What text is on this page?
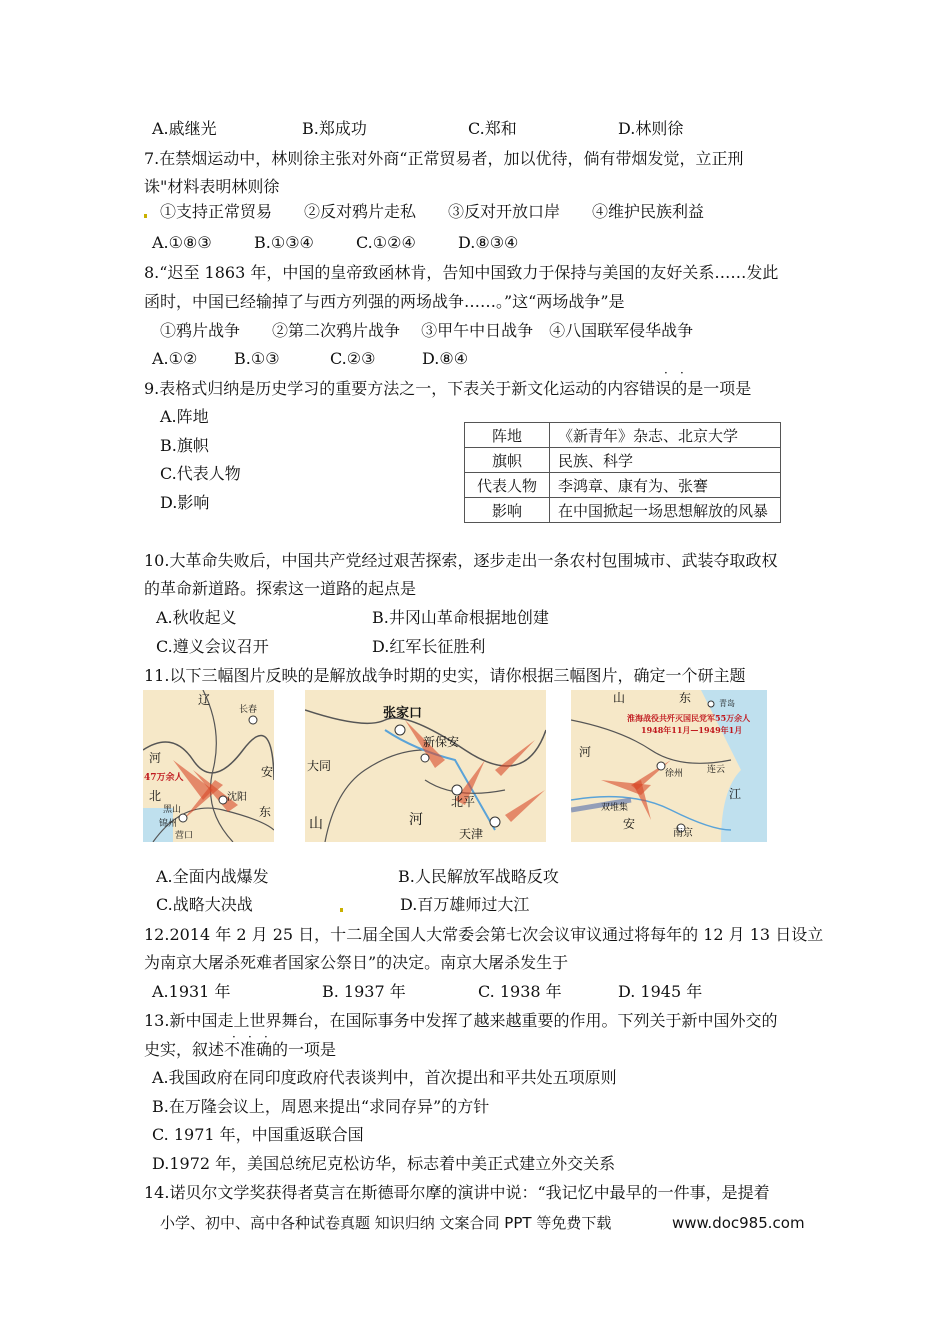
A.戚继光	B.郑成功	C.郑和	D.林则徐
7.在禁烟运动中，林则徐主张对外商“正常贸易者，加以优待，倘有带烟发觉，立正刑
诛"材料表明林则徐
①支持正常贸易　　②反对鸦片走私　　③反对开放口岸　　④维护民族利益
A.①⑧③	B.①③④	C.①②④	D.⑧③④
8.“迟至 1863 年，中国的皇帝致函林肯，告知中国致力于保持与美国的友好关系……发此
函时，中国已经输掉了与西方列强的两场战争……。”这“两场战争”是
①鸦片战争　　②第二次鸦片战争　 ③甲午中日战争　④八国联军侵华战争
A.①② B.①③	C.②③	D.⑧④
· ·
9.表格式归纳是历史学习的重要方法之一，下表关于新文化运动的内容错误的是一项是
A.阵地
B.旗帜
C.代表人物
D.影响
阵地	《新青年》杂志、北京大学
旗帜	民族、科学
代表人物	李鸿章、康有为、张謇
影响	在中国掀起一场思想解放的风暴
10.大革命失败后，中国共产党经过艰苦探索，逐步走出一条农村包围城市、武装夺取政权
的革命新道路。探索这一道路的起点是
A.秋收起义	B.井冈山革命根据地创建
C.遵义会议召开	D.红军长征胜利
11.以下三幅图片反映的是解放战争时期的史实，请你根据三幅图片，确定一个研主题
辽
长春
河
47万余人
沈阳
北
黑山
锦州
营口
安
东
张家口
新保安
大同
北平
天津
山	河
山	东	青岛
淮海战役共歼灭国民党军55万余人
1948年11月—1949年1月
河
徐州	连云
江
双堆集
安
南京
A.全面内战爆发	B.人民解放军战略反攻
C.战略大决战	D.百万雄师过大江
12.2014 年 2 月 25 日，十二届全国人大常委会第七次会议审议通过将每年的 12 月 13 日设立
为南京大屠杀死难者国家公祭日”的决定。南京大屠杀发生于
A.1931 年	B. 1937 年	C. 1938 年	D. 1945 年
13.新中国走上世界舞台，在国际事务中发挥了越来越重要的作用。下列关于新中国外交的
· · ·
史实，叙述不准确的一项是
A.我国政府在同印度政府代表谈判中，首次提出和平共处五项原则
B.在万隆会议上，周恩来提出“求同存异”的方针
C. 1971 年，中国重返联合国
D.1972 年，美国总统尼克松访华，标志着中美正式建立外交关系
14.诺贝尔文学奖获得者莫言在斯德哥尔摩的演讲中说：“我记忆中最早的一件事，是提着
小学、初中、高中各种试卷真题 知识归纳 文案合同 PPT 等免费下载	www.doc985.com
